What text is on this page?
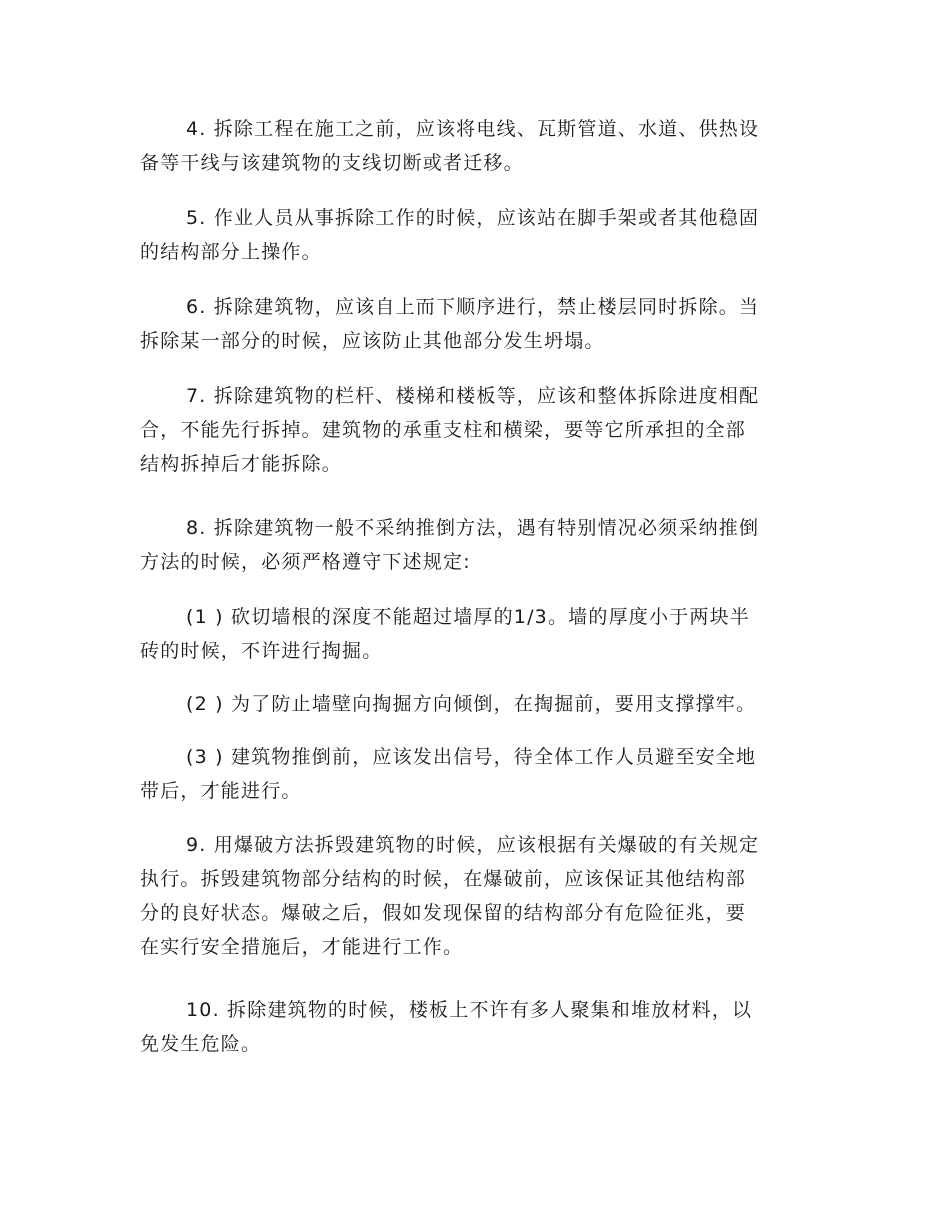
4. 拆除工程在施工之前，应该将电线、瓦斯管道、水道、供热设
备等干线与该建筑物的支线切断或者迁移。

5. 作业人员从事拆除工作的时候，应该站在脚手架或者其他稳固
的结构部分上操作。

6. 拆除建筑物，应该自上而下顺序进行，禁止楼层同时拆除。当
拆除某一部分的时候，应该防止其他部分发生坍塌。

7. 拆除建筑物的栏杆、楼梯和楼板等，应该和整体拆除进度相配
合，不能先行拆掉。建筑物的承重支柱和横梁，要等它所承担的全部
结构拆掉后才能拆除。

8. 拆除建筑物一般不采纳推倒方法，遇有特别情况必须采纳推倒
方法的时候，必须严格遵守下述规定:

(1 ) 砍切墙根的深度不能超过墙厚的1/3。墙的厚度小于两块半
砖的时候，不许进行掏掘。

(2 ) 为了防止墙壁向掏掘方向倾倒，在掏掘前，要用支撑撑牢。

(3 ) 建筑物推倒前，应该发出信号，待全体工作人员避至安全地
带后，才能进行。

9. 用爆破方法拆毁建筑物的时候，应该根据有关爆破的有关规定
执行。拆毁建筑物部分结构的时候，在爆破前，应该保证其他结构部
分的良好状态。爆破之后，假如发现保留的结构部分有危险征兆，要
在实行安全措施后，才能进行工作。

10. 拆除建筑物的时候，楼板上不许有多人聚集和堆放材料，以
免发生危险。
